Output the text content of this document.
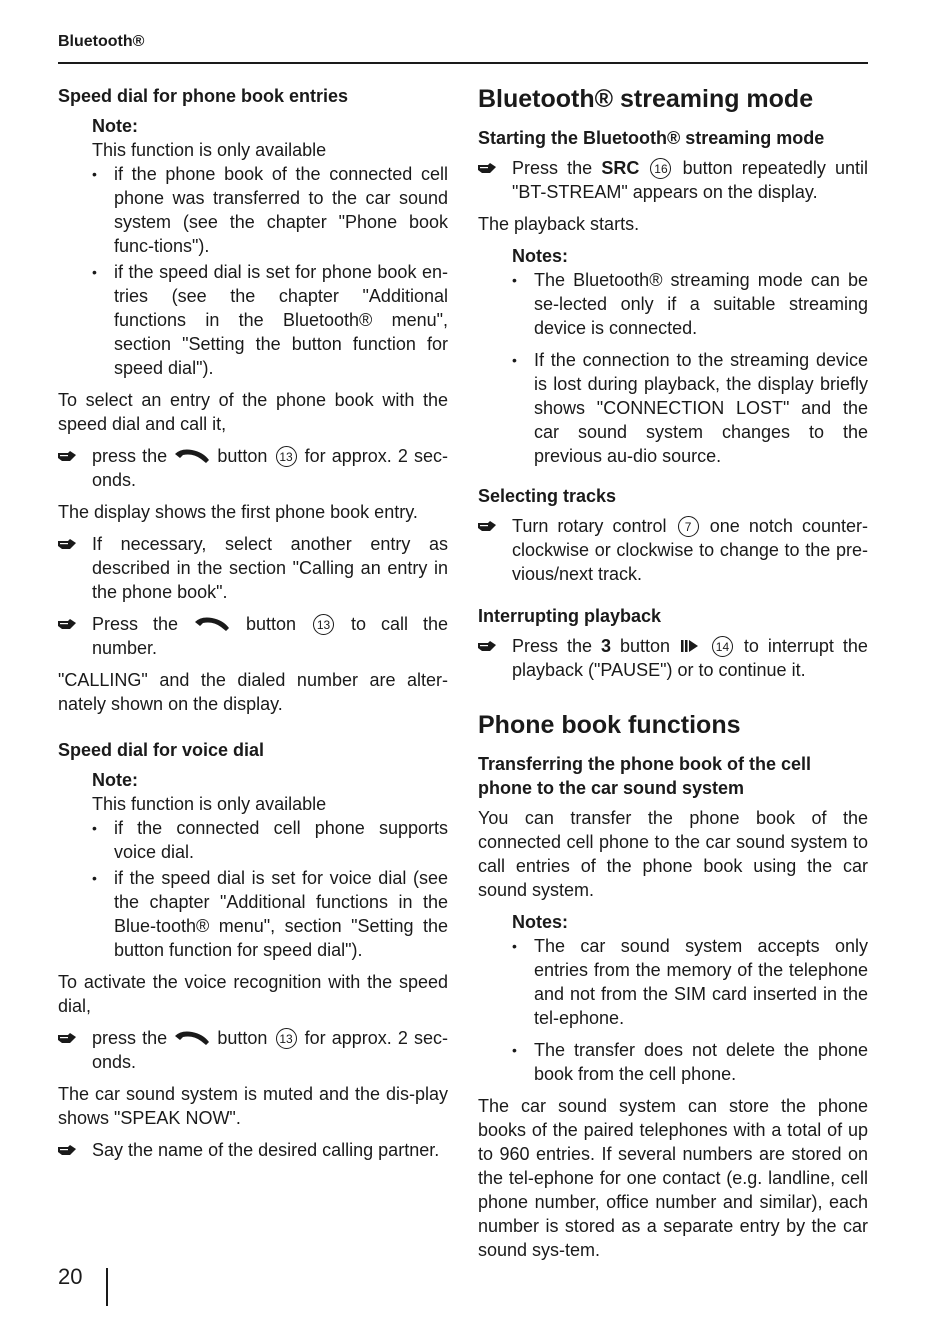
Bluetooth®
Speed dial for phone book entries
Note:
This function is only available
• if the phone book of the connected cell phone was transferred to the car sound system (see the chapter "Phone book func-tions").
• if the speed dial is set for phone book en-tries (see the chapter "Additional functions in the Bluetooth® menu", section "Setting the button function for speed dial").
To select an entry of the phone book with the speed dial and call it,
press the	button 13 for approx. 2 sec-onds.
The display shows the first phone book entry.
If necessary, select another entry as described in the section "Calling an entry in the phone book".
Press the	button 13 to call the number.
"CALLING" and the dialed number are alter-nately shown on the display.
Speed dial for voice dial
Note:
This function is only available
• if the connected cell phone supports voice dial.
• if the speed dial is set for voice dial (see the chapter "Additional functions in the Blue-tooth® menu", section "Setting the button function for speed dial").
To activate the voice recognition with the speed dial,
press the	button 13 for approx. 2 sec-onds.
The car sound system is muted and the dis-play shows "SPEAK NOW".
Say the name of the desired calling partner.
Bluetooth® streaming mode
Starting the Bluetooth® streaming mode
Press the SRC 16 button repeatedly until "BT-STREAM" appears on the display.
The playback starts.
Notes:
• The Bluetooth® streaming mode can be se-lected only if a suitable streaming device is connected.
• If the connection to the streaming device is lost during playback, the display briefly shows "CONNECTION LOST" and the car sound system changes to the previous au-dio source.
Selecting tracks
Turn rotary control 7 one notch counter-clockwise or clockwise to change to the pre-vious/next track.
Interrupting playback
Press the 3 button	14 to interrupt the playback ("PAUSE") or to continue it.
Phone book functions
Transferring the phone book of the cell phone to the car sound system
You can transfer the phone book of the connected cell phone to the car sound system to call entries of the phone book using the car sound system.
Notes:
• The car sound system accepts only entries from the memory of the telephone and not from the SIM card inserted in the tel-ephone.
• The transfer does not delete the phone book from the cell phone.
The car sound system can store the phone books of the paired telephones with a total of up to 960 entries. If several numbers are stored on the tel-ephone for one contact (e.g. landline, cell phone number, office number and similar), each number is stored as a separate entry by the car sound sys-tem.
20
